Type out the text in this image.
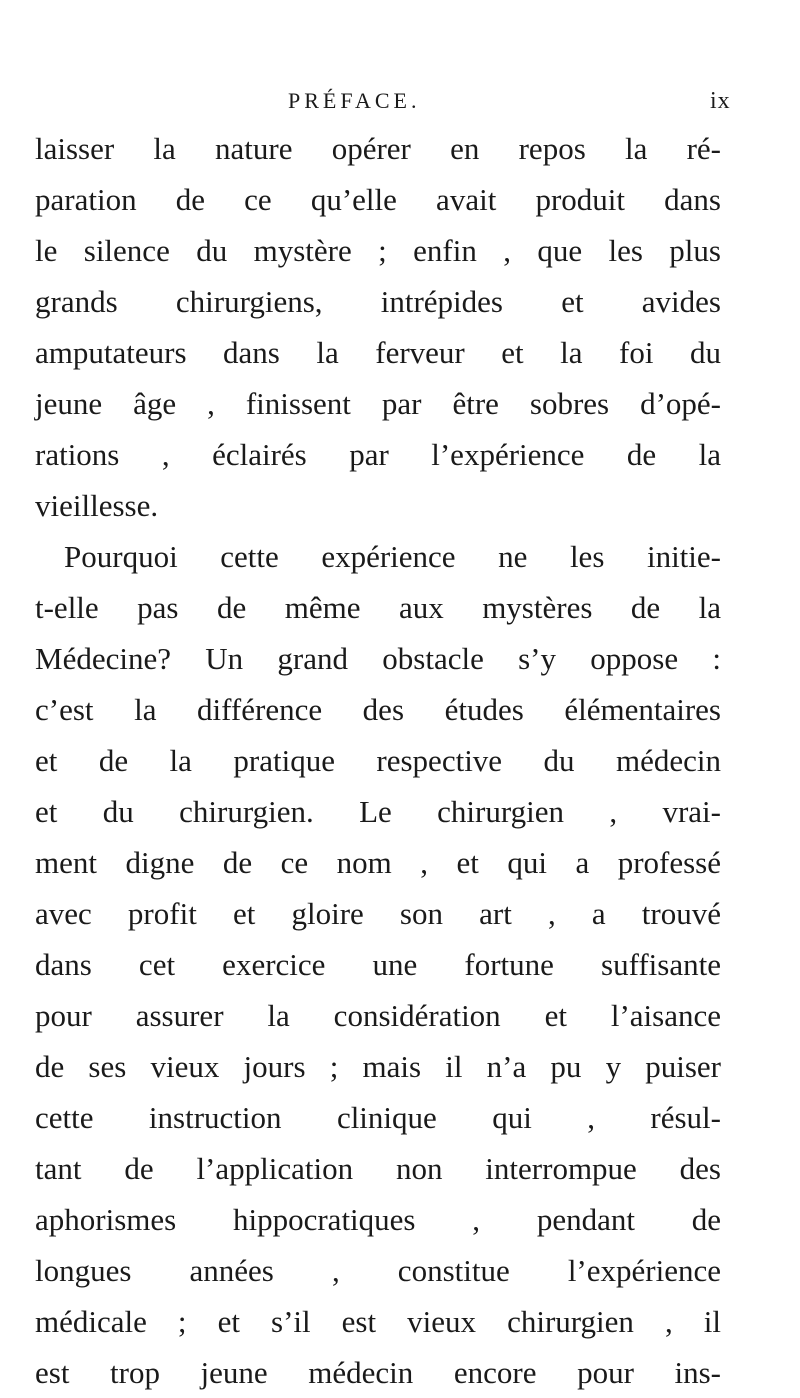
PRÉFACE.	ix
laisser la nature opérer en repos la ré-
paration de ce qu’elle avait produit dans
le silence du mystère ; enfin , que les plus
grands chirurgiens, intrépides et avides
amputateurs dans la ferveur et la foi du
jeune âge , finissent par être sobres d’opé-
rations , éclairés par l’expérience de la
vieillesse.
Pourquoi cette expérience ne les initie-
t-elle pas de même aux mystères de la
Médecine? Un grand obstacle s’y oppose :
c’est la différence des études élémentaires
et de la pratique respective du médecin
et du chirurgien. Le chirurgien , vrai-
ment digne de ce nom , et qui a professé
avec profit et gloire son art , a trouvé
dans cet exercice une fortune suffisante
pour assurer la considération et l’aisance
de ses vieux jours ; mais il n’a pu y puiser
cette instruction clinique qui , résul-
tant de l’application non interrompue des
aphorismes hippocratiques , pendant de
longues années , constitue l’expérience
médicale ; et s’il est vieux chirurgien , il
est trop jeune médecin encore pour ins-
